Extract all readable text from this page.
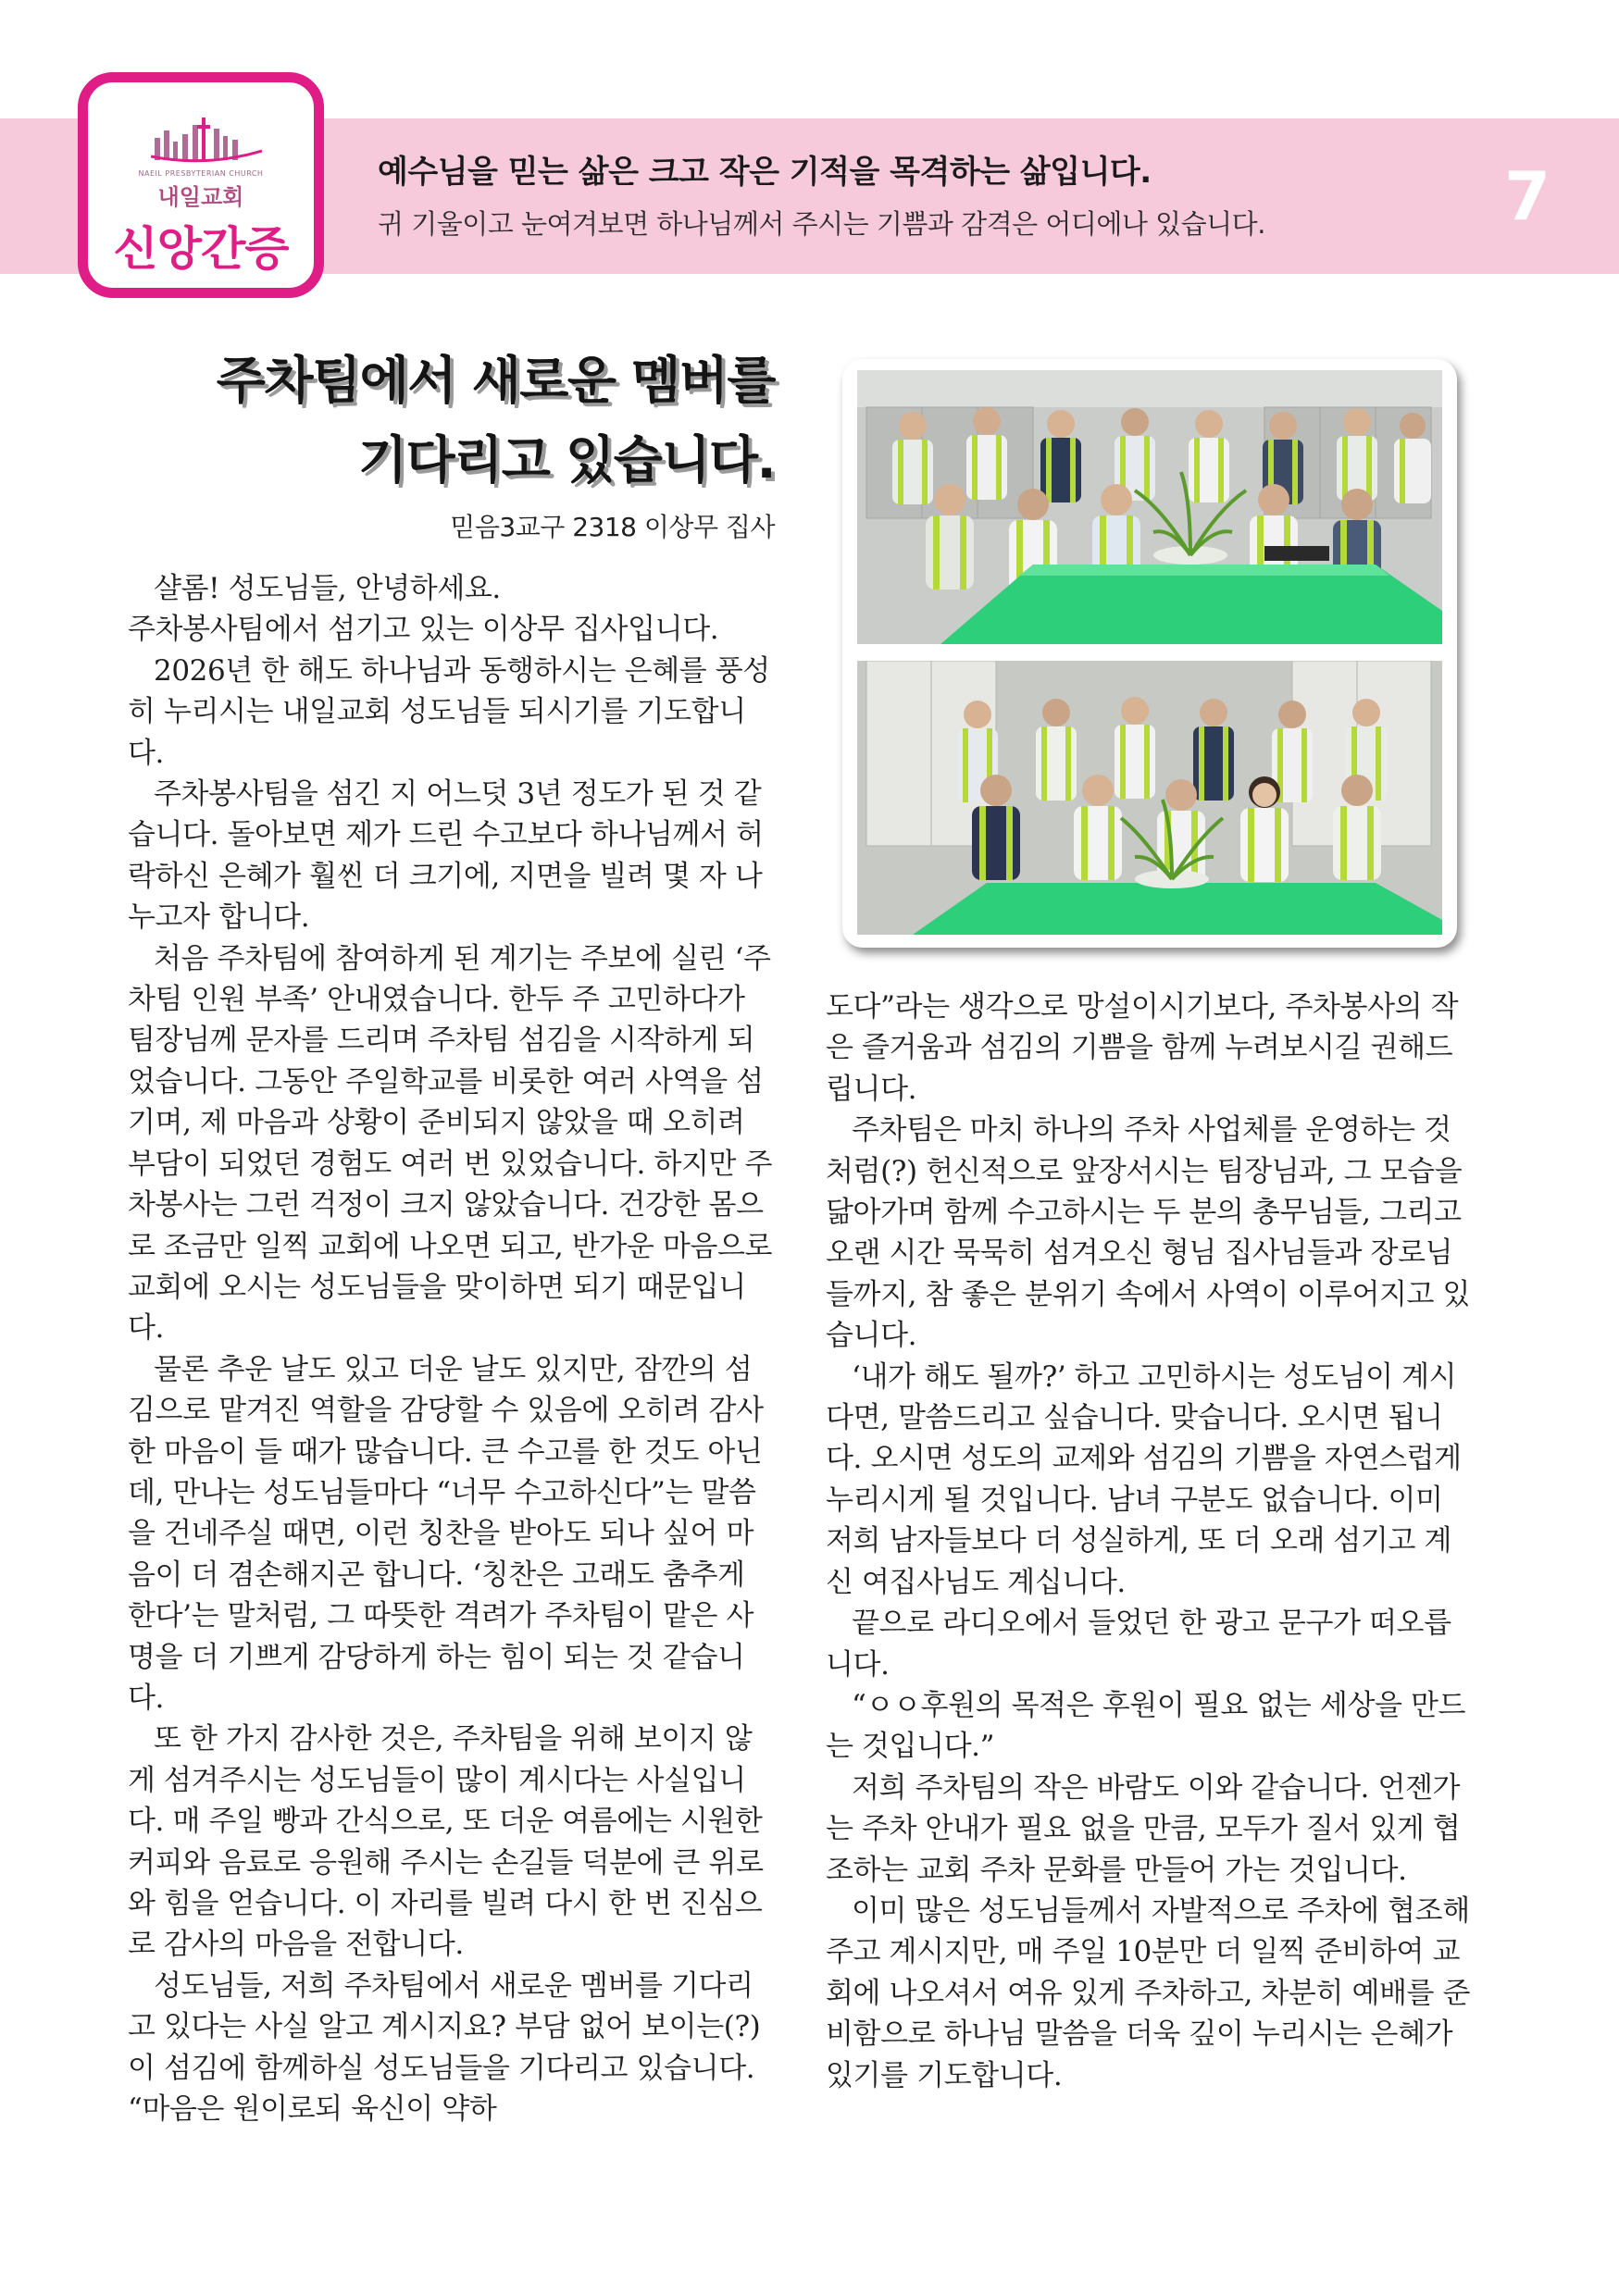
NAEIL PRESBYTERIAN CHURCH
내일교회
신앙간증
예수님을 믿는 삶은 크고 작은 기적을 목격하는 삶입니다.
귀 기울이고 눈여겨보면 하나님께서 주시는 기쁨과 감격은 어디에나 있습니다.	7
주차팀에서 새로운 멤버를
기다리고 있습니다.
믿음3교구 2318 이상무 집사

샬롬! 성도님들, 안녕하세요.

주차봉사팀에서 섬기고 있는 이상무 집사입니다.

2026년 한 해도 하나님과 동행하시는 은혜를 풍성히 누리시는 내일교회 성도님들 되시기를 기도합니다.

주차봉사팀을 섬긴 지 어느덧 3년 정도가 된 것 같습니다. 돌아보면 제가 드린 수고보다 하나님께서 허락하신 은혜가 훨씬 더 크기에, 지면을 빌려 몇 자 나누고자 합니다.

처음 주차팀에 참여하게 된 계기는 주보에 실린 ‘주차팀 인원 부족’ 안내였습니다. 한두 주 고민하다가 팀장님께 문자를 드리며 주차팀 섬김을 시작하게 되었습니다. 그동안 주일학교를 비롯한 여러 사역을 섬기며, 제 마음과 상황이 준비되지 않았을 때 오히려 부담이 되었던 경험도 여러 번 있었습니다. 하지만 주차봉사는 그런 걱정이 크지 않았습니다. 건강한 몸으로 조금만 일찍 교회에 나오면 되고, 반가운 마음으로 교회에 오시는 성도님들을 맞이하면 되기 때문입니다.

물론 추운 날도 있고 더운 날도 있지만, 잠깐의 섬김으로 맡겨진 역할을 감당할 수 있음에 오히려 감사한 마음이 들 때가 많습니다. 큰 수고를 한 것도 아닌데, 만나는 성도님들마다 “너무 수고하신다”는 말씀을 건네주실 때면, 이런 칭찬을 받아도 되나 싶어 마음이 더 겸손해지곤 합니다. ‘칭찬은 고래도 춤추게 한다’는 말처럼, 그 따뜻한 격려가 주차팀이 맡은 사명을 더 기쁘게 감당하게 하는 힘이 되는 것 같습니다.

또 한 가지 감사한 것은, 주차팀을 위해 보이지 않게 섬겨주시는 성도님들이 많이 계시다는 사실입니다. 매 주일 빵과 간식으로, 또 더운 여름에는 시원한 커피와 음료로 응원해 주시는 손길들 덕분에 큰 위로와 힘을 얻습니다. 이 자리를 빌려 다시 한 번 진심으로 감사의 마음을 전합니다.

성도님들, 저희 주차팀에서 새로운 멤버를 기다리고 있다는 사실 알고 계시지요? 부담 없어 보이는(?) 이 섬김에 함께하실 성도님들을 기다리고 있습니다. “마음은 원이로되 육신이 약하

도다”라는 생각으로 망설이시기보다, 주차봉사의 작은 즐거움과 섬김의 기쁨을 함께 누려보시길 권해드립니다.

주차팀은 마치 하나의 주차 사업체를 운영하는 것처럼(?) 헌신적으로 앞장서시는 팀장님과, 그 모습을 닮아가며 함께 수고하시는 두 분의 총무님들, 그리고 오랜 시간 묵묵히 섬겨오신 형님 집사님들과 장로님들까지, 참 좋은 분위기 속에서 사역이 이루어지고 있습니다.

‘내가 해도 될까?’ 하고 고민하시는 성도님이 계시다면, 말씀드리고 싶습니다. 맞습니다. 오시면 됩니다. 오시면 성도의 교제와 섬김의 기쁨을 자연스럽게 누리시게 될 것입니다. 남녀 구분도 없습니다. 이미 저희 남자들보다 더 성실하게, 또 더 오래 섬기고 계신 여집사님도 계십니다.

끝으로 라디오에서 들었던 한 광고 문구가 떠오릅니다.

“ㅇㅇ후원의 목적은 후원이 필요 없는 세상을 만드는 것입니다.”

저희 주차팀의 작은 바람도 이와 같습니다. 언젠가는 주차 안내가 필요 없을 만큼, 모두가 질서 있게 협조하는 교회 주차 문화를 만들어 가는 것입니다.

이미 많은 성도님들께서 자발적으로 주차에 협조해 주고 계시지만, 매 주일 10분만 더 일찍 준비하여 교회에 나오셔서 여유 있게 주차하고, 차분히 예배를 준비함으로 하나님 말씀을 더욱 깊이 누리시는 은혜가 있기를 기도합니다.
